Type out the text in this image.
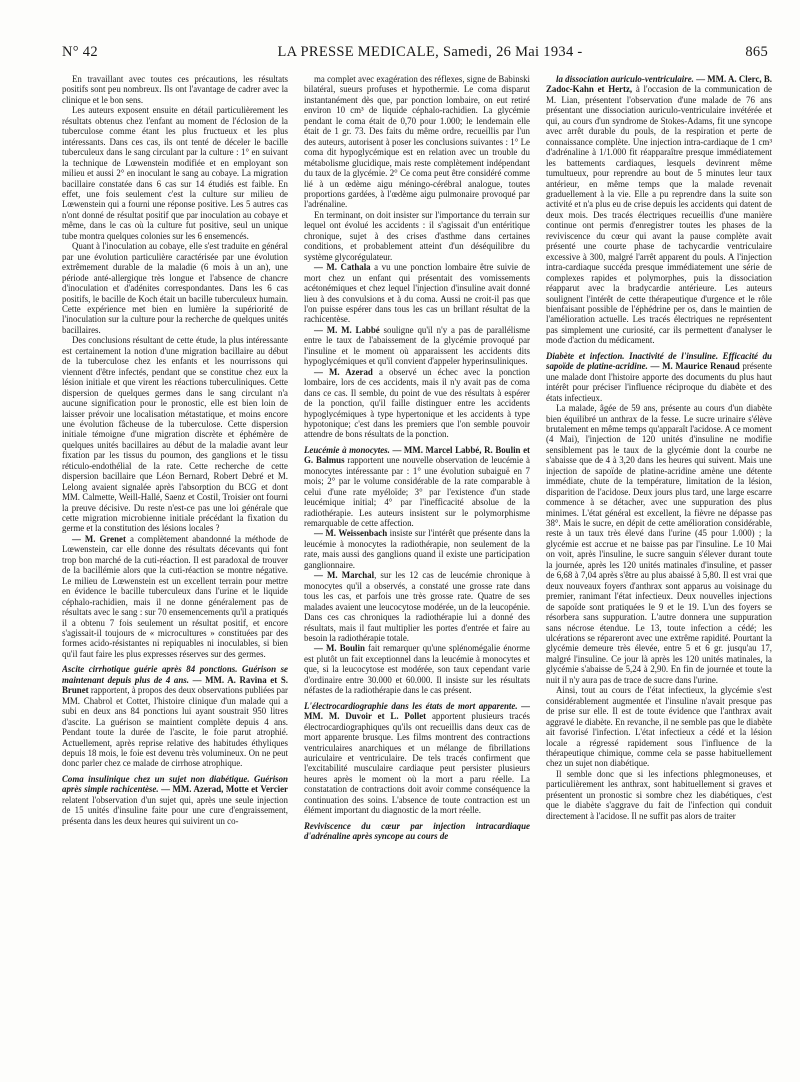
N° 42	LA PRESSE MEDICALE, Samedi, 26 Mai 1934 -	865

En travaillant avec toutes ces précautions, les résultats positifs sont peu nombreux. Ils ont l'avantage de cadrer avec la clinique et le bon sens.

Les auteurs exposent ensuite en détail particulièrement les résultats obtenus chez l'enfant au moment de l'éclosion de la tuberculose comme étant les plus fructueux et les plus intéressants. Dans ces cas, ils ont tenté de déceler le bacille tuberculeux dans le sang circulant par la culture : 1° en suivant la technique de Lœwenstein modifiée et en employant son milieu et aussi 2° en inoculant le sang au cobaye. La migration bacillaire constatée dans 6 cas sur 14 étudiés est faible. En effet, une fois seulement c'est la culture sur milieu de Lœwenstein qui a fourni une réponse positive. Les 5 autres cas n'ont donné de résultat positif que par inoculation au cobaye et même, dans le cas où la culture fut positive, seul un unique tube montra quelques colonies sur les 6 ensemencés.

Quant à l'inoculation au cobaye, elle s'est traduite en général par une évolution particulière caractérisée par une évolution extrêmement durable de la maladie (6 mois à un an), une période anté-allergique très longue et l'absence de chancre d'inoculation et d'adénites correspondantes. Dans les 6 cas positifs, le bacille de Koch était un bacille tuberculeux humain. Cette expérience met bien en lumière la supériorité de l'inoculation sur la culture pour la recherche de quelques unités bacillaires.

Des conclusions résultant de cette étude, la plus intéressante est certainement la notion d'une migration bacillaire au début de la tuberculose chez les enfants et les nourrissons qui viennent d'être infectés, pendant que se constitue chez eux la lésion initiale et que virent les réactions tuberculiniques. Cette dispersion de quelques germes dans le sang circulant n'a aucune signification pour le pronostic, elle est bien loin de laisser prévoir une localisation métastatique, et moins encore une évolution fâcheuse de la tuberculose. Cette dispersion initiale témoigne d'une migration discrète et éphémère de quelques unités bacillaires au début de la maladie avant leur fixation par les tissus du poumon, des ganglions et le tissu réticulo-endothélial de la rate. Cette recherche de cette dispersion bacillaire que Léon Bernard, Robert Debré et M. Lelong avaient signalée après l'absorption du BCG et dont MM. Calmette, Weill-Hallé, Saenz et Costil, Troisier ont fourni la preuve décisive. Du reste n'est-ce pas une loi générale que cette migration microbienne initiale précédant la fixation du germe et la constitution des lésions locales ?

— M. Grenet a complètement abandonné la méthode de Lœwenstein, car elle donne des résultats décevants qui font trop bon marché de la cuti-réaction. Il est paradoxal de trouver de la bacillémie alors que la cuti-réaction se montre négative. Le milieu de Lœwenstein est un excellent terrain pour mettre en évidence le bacille tuberculeux dans l'urine et le liquide céphalo-rachidien, mais il ne donne généralement pas de résultats avec le sang : sur 70 ensemencements qu'il a pratiqués il a obtenu 7 fois seulement un résultat positif, et encore s'agissait-il toujours de « microcultures » constituées par des formes acido-résistantes ni repiquables ni inoculables, si bien qu'il faut faire les plus expresses réserves sur des germes.

Ascite cirrhotique guérie après 84 ponctions. Guérison se maintenant depuis plus de 4 ans. — MM. A. Ravina et S. Brunet rapportent, à propos des deux observations publiées par MM. Chabrol et Cottet, l'histoire clinique d'un malade qui a subi en deux ans 84 ponctions lui ayant soustrait 950 litres d'ascite. La guérison se maintient complète depuis 4 ans. Pendant toute la durée de l'ascite, le foie parut atrophié. Actuellement, après reprise relative des habitudes éthyliques depuis 18 mois, le foie est devenu très volumineux. On ne peut donc parler chez ce malade de cirrhose atrophique.

Coma insulinique chez un sujet non diabétique. Guérison après simple rachicentèse. — MM. Azerad, Motte et Vercier relatent l'observation d'un sujet qui, après une seule injection de 15 unités d'insuline faite pour une cure d'engraissement, présenta dans les deux heures qui suivirent un co-

ma complet avec exagération des réflexes, signe de Babinski bilatéral, sueurs profuses et hypothermie. Le coma disparut instantanément dès que, par ponction lombaire, on eut retiré environ 10 cm³ de liquide céphalo-rachidien. La glycémie pendant le coma était de 0,70 pour 1.000; le lendemain elle était de 1 gr. 73. Des faits du même ordre, recueillis par l'un des auteurs, autorisent à poser les conclusions suivantes : 1° Le coma dit hypoglycémique est en relation avec un trouble du métabolisme glucidique, mais reste complètement indépendant du taux de la glycémie. 2° Ce coma peut être considéré comme lié à un œdème aigu méningo-cérébral analogue, toutes proportions gardées, à l'œdème aigu pulmonaire provoqué par l'adrénaline.

En terminant, on doit insister sur l'importance du terrain sur lequel ont évolué les accidents : il s'agissait d'un entéritique chronique, sujet à des crises d'asthme dans certaines conditions, et probablement atteint d'un déséquilibre du système glycorégulateur.

— M. Cathala a vu une ponction lombaire être suivie de mort chez un enfant qui présentait des vomissements acétonémiques et chez lequel l'injection d'insuline avait donné lieu à des convulsions et à du coma. Aussi ne croit-il pas que l'on puisse espérer dans tous les cas un brillant résultat de la rachicentèse.

— M. M. Labbé souligne qu'il n'y a pas de parallélisme entre le taux de l'abaissement de la glycémie provoqué par l'insuline et le moment où apparaissent les accidents dits hypoglycémiques et qu'il convient d'appeler hyperinsuliniques.

— M. Azerad a observé un échec avec la ponction lombaire, lors de ces accidents, mais il n'y avait pas de coma dans ce cas. Il semble, du point de vue des résultats à espérer de la ponction, qu'il faille distinguer entre les accidents hypoglycémiques à type hypertonique et les accidents à type hypotonique; c'est dans les premiers que l'on semble pouvoir attendre de bons résultats de la ponction.

Leucémie à monocytes. — MM. Marcel Labbé, R. Boulin et G. Balmus rapportent une nouvelle observation de leucémie à monocytes intéressante par : 1° une évolution subaiguë en 7 mois; 2° par le volume considérable de la rate comparable à celui d'une rate myéloïde; 3° par l'existence d'un stade leucémique initial; 4° par l'inefficacité absolue de la radiothérapie. Les auteurs insistent sur le polymorphisme remarquable de cette affection.

— M. Weissenbach insiste sur l'intérêt que présente dans la leucémie à monocytes la radiothérapie, non seulement de la rate, mais aussi des ganglions quand il existe une participation ganglionnaire.

— M. Marchal, sur les 12 cas de leucémie chronique à monocytes qu'il a observés, a constaté une grosse rate dans tous les cas, et parfois une très grosse rate. Quatre de ses malades avaient une leucocytose modérée, un de la leucopénie. Dans ces cas chroniques la radiothérapie lui a donné des résultats, mais il faut multiplier les portes d'entrée et faire au besoin la radiothérapie totale.

— M. Boulin fait remarquer qu'une splénomégalie énorme est plutôt un fait exceptionnel dans la leucémie à monocytes et que, si la leucocytose est modérée, son taux cependant varie d'ordinaire entre 30.000 et 60.000. Il insiste sur les résultats néfastes de la radiothérapie dans le cas présent.

L'électrocardiographie dans les états de mort apparente. — MM. M. Duvoir et L. Pollet apportent plusieurs tracés électrocardiographiques qu'ils ont recueillis dans deux cas de mort apparente brusque. Les films montrent des contractions ventriculaires anarchiques et un mélange de fibrillations auriculaire et ventriculaire. De tels tracés confirment que l'excitabilité musculaire cardiaque peut persister plusieurs heures après le moment où la mort a paru réelle. La constatation de contractions doit avoir comme conséquence la continuation des soins. L'absence de toute contraction est un élément important du diagnostic de la mort réelle.

Reviviscence du cœur par injection intracardiaque d'adrénaline après syncope au cours de

la dissociation auriculo-ventriculaire. — MM. A. Clerc, B. Zadoc-Kahn et Hertz, à l'occasion de la communication de M. Lian, présentent l'observation d'une malade de 76 ans présentant une dissociation auriculo-ventriculaire invétérée et qui, au cours d'un syndrome de Stokes-Adams, fit une syncope avec arrêt durable du pouls, de la respiration et perte de connaissance complète. Une injection intra-cardiaque de 1 cm³ d'adrénaline à 1/1.000 fit réapparaître presque immédiatement les battements cardiaques, lesquels devinrent même tumultueux, pour reprendre au bout de 5 minutes leur taux antérieur, en même temps que la malade revenait graduellement à la vie. Elle a pu reprendre dans la suite son activité et n'a plus eu de crise depuis les accidents qui datent de deux mois. Des tracés électriques recueillis d'une manière continue ont permis d'enregistrer toutes les phases de la reviviscence du cœur qui avant la pause complète avait présenté une courte phase de tachycardie ventriculaire excessive à 300, malgré l'arrêt apparent du pouls. A l'injection intra-cardiaque succéda presque immédiatement une série de complexes rapides et polymorphes, puis la dissociation réapparut avec la bradycardie antérieure. Les auteurs soulignent l'intérêt de cette thérapeutique d'urgence et le rôle bienfaisant possible de l'éphédrine per os, dans le maintien de l'amélioration actuelle. Les tracés électriques ne représentent pas simplement une curiosité, car ils permettent d'analyser le mode d'action du médicament.

Diabète et infection. Inactivité de l'insuline. Efficacité du sapoïde de platine-acridine. — M. Maurice Renaud présente une malade dont l'histoire apporte des documents du plus haut intérêt pour préciser l'influence réciproque du diabète et des états infectieux.

La malade, âgée de 59 ans, présente au cours d'un diabète bien équilibré un anthrax de la fesse. Le sucre urinaire s'élève brutalement en même temps qu'apparaît l'acidose. A ce moment (4 Mai), l'injection de 120 unités d'insuline ne modifie sensiblement pas le taux de la glycémie dont la courbe ne s'abaisse que de 4 à 3,20 dans les heures qui suivent. Mais une injection de sapoïde de platine-acridine amène une détente immédiate, chute de la température, limitation de la lésion, disparition de l'acidose. Deux jours plus tard, une large escarre commence à se détacher, avec une suppuration des plus minimes. L'état général est excellent, la fièvre ne dépasse pas 38°. Mais le sucre, en dépit de cette amélioration considérable, reste à un taux très élevé dans l'urine (45 pour 1.000) ; la glycémie est accrue et ne baisse pas par l'insuline. Le 10 Mai on voit, après l'insuline, le sucre sanguin s'élever durant toute la journée, après les 120 unités matinales d'insuline, et passer de 6,68 à 7,04 après s'être au plus abaissé à 5,80. Il est vrai que deux nouveaux foyers d'anthrax sont apparus au voisinage du premier, ranimant l'état infectieux. Deux nouvelles injections de sapoïde sont pratiquées le 9 et le 19. L'un des foyers se résorbera sans suppuration. L'autre donnera une suppuration sans nécrose étendue. Le 13, toute infection a cédé; les ulcérations se répareront avec une extrême rapidité. Pourtant la glycémie demeure très élevée, entre 5 et 6 gr. jusqu'au 17, malgré l'insuline. Ce jour là après les 120 unités matinales, la glycémie s'abaisse de 5,24 à 2,90. En fin de journée et toute la nuit il n'y aura pas de trace de sucre dans l'urine.

Ainsi, tout au cours de l'état infectieux, la glycémie s'est considérablement augmentée et l'insuline n'avait presque pas de prise sur elle. Il est de toute évidence que l'anthrax avait aggravé le diabète. En revanche, il ne semble pas que le diabète ait favorisé l'infection. L'état infectieux a cédé et la lésion locale a régressé rapidement sous l'influence de la thérapeutique chimique, comme cela se passe habituellement chez un sujet non diabétique.

Il semble donc que si les infections phlegmoneuses, et particulièrement les anthrax, sont habituellement si graves et présentent un pronostic si sombre chez les diabétiques, c'est que le diabète s'aggrave du fait de l'infection qui conduit directement à l'acidose. Il ne suffit pas alors de traiter
